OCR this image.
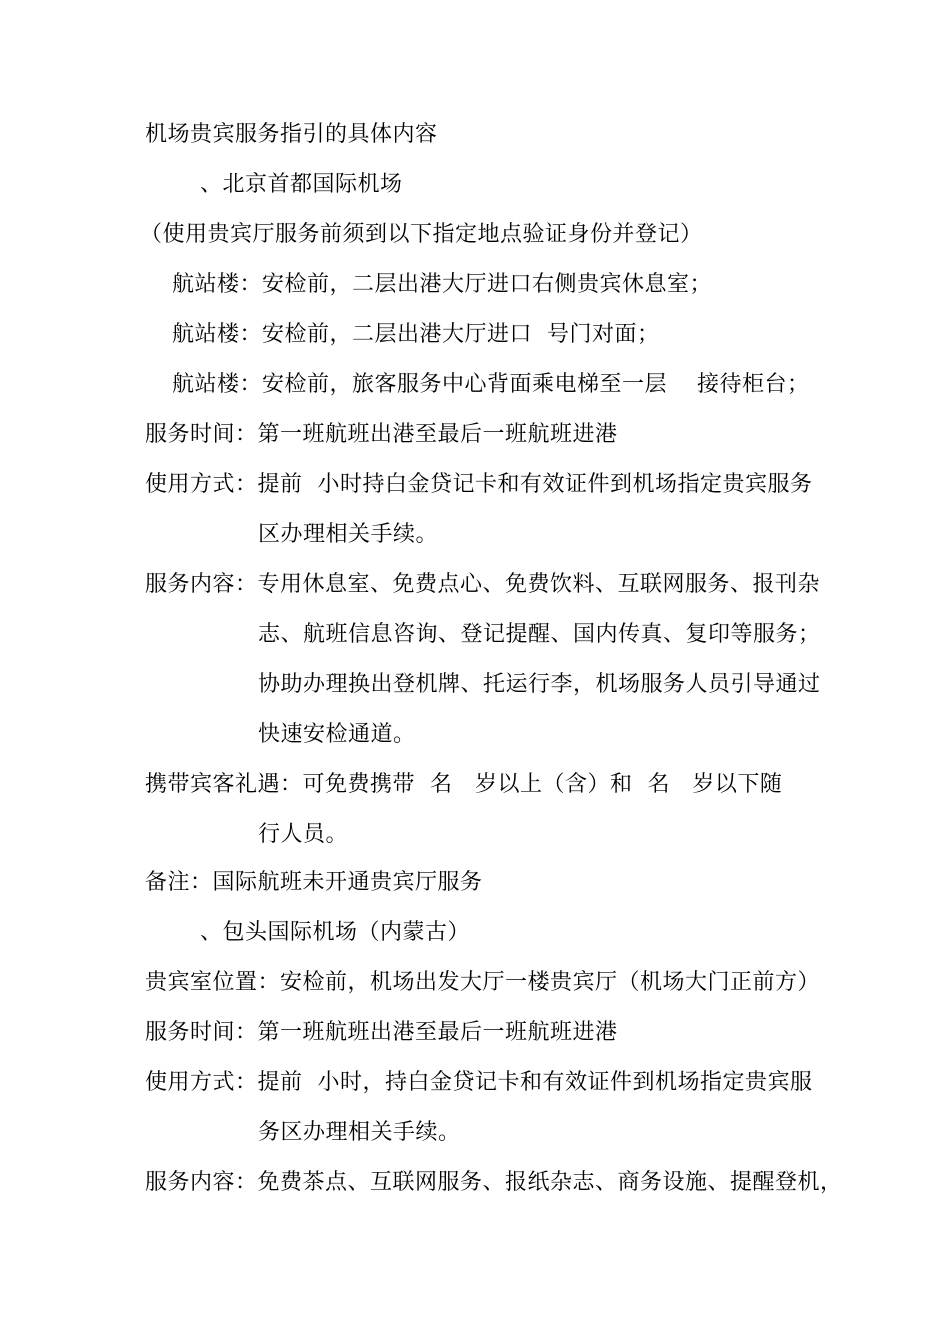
机场贵宾服务指引的具体内容
、北京首都国际机场
（使用贵宾厅服务前须到以下指定地点验证身份并登记）
航站楼：安检前，二层出港大厅进口右侧贵宾休息室；
航站楼：安检前，二层出港大厅进口  号门对面；
航站楼：安检前，旅客服务中心背面乘电梯至一层    接待柜台；
服务时间：第一班航班出港至最后一班航班进港
使用方式：提前  小时持白金贷记卡和有效证件到机场指定贵宾服务
区办理相关手续。
服务内容：专用休息室、免费点心、免费饮料、互联网服务、报刊杂
志、航班信息咨询、登记提醒、国内传真、复印等服务；
协助办理换出登机牌、托运行李，机场服务人员引导通过
快速安检通道。
携带宾客礼遇：可免费携带  名   岁以上（含）和  名   岁以下随
行人员。
备注：国际航班未开通贵宾厅服务
、包头国际机场（内蒙古）
贵宾室位置：安检前，机场出发大厅一楼贵宾厅（机场大门正前方）
服务时间：第一班航班出港至最后一班航班进港
使用方式：提前  小时，持白金贷记卡和有效证件到机场指定贵宾服
务区办理相关手续。
服务内容：免费茶点、互联网服务、报纸杂志、商务设施、提醒登机，
